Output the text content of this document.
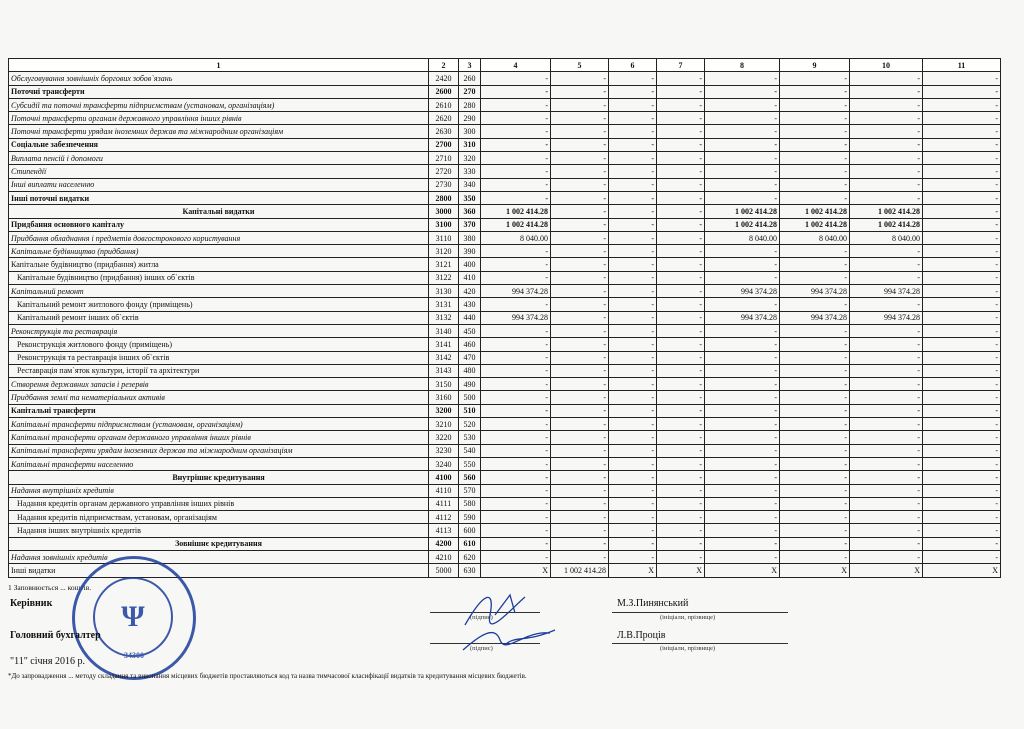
1	2	3	4	5	6	7	8	9	10	11
Обслуговування зовнішніх боргових зобов`язань	2420	260	-	-	-	-	-	-	-	-
Поточні трансферти	2600	270	-	-	-	-	-	-	-	-
Субсидії та поточні трансферти підприємствам (установам, організаціям)	2610	280	-	-	-	-	-	-	-	-
Поточні трансферти органам державного управління інших рівнів	2620	290	-	-	-	-	-	-	-	-
Поточні трансферти урядам іноземних держав та міжнародним організаціям	2630	300	-	-	-	-	-	-	-	-
Соціальне забезпечення	2700	310	-	-	-	-	-	-	-	-
Виплата пенсій і допомоги	2710	320	-	-	-	-	-	-	-	-
Стипендії	2720	330	-	-	-	-	-	-	-	-
Інші виплати населенню	2730	340	-	-	-	-	-	-	-	-
Інші поточні видатки	2800	350	-	-	-	-	-	-	-	-
Капітальні видатки	3000	360	1 002 414.28	-	-	-	1 002 414.28	1 002 414.28	1 002 414.28	-
Придбання основного капіталу	3100	370	1 002 414.28	-	-	-	1 002 414.28	1 002 414.28	1 002 414.28	-
Придбання обладнання і предметів довгострокового користування	3110	380	8 040.00	-	-	-	8 040.00	8 040.00	8 040.00	-
Капітальне будівництво (придбання)	3120	390	-	-	-	-	-	-	-	-
Капітальне будівництво (придбання) житла	3121	400	-	-	-	-	-	-	-	-
Капітальне будівництво (придбання) інших об`єктів	3122	410	-	-	-	-	-	-	-	-
Капітальний ремонт	3130	420	994 374.28	-	-	-	994 374.28	994 374.28	994 374.28	-
Капітальний ремонт житлового фонду (приміщень)	3131	430	-	-	-	-	-	-	-	-
Капітальний ремонт інших об`єктів	3132	440	994 374.28	-	-	-	994 374.28	994 374.28	994 374.28	-
Реконструкція та реставрація	3140	450	-	-	-	-	-	-	-	-
Реконструкція житлового фонду (приміщень)	3141	460	-	-	-	-	-	-	-	-
Реконструкція та реставрація інших об`єктів	3142	470	-	-	-	-	-	-	-	-
Реставрація пам`яток культури, історії та архітектури	3143	480	-	-	-	-	-	-	-	-
Створення державних запасів і резервів	3150	490	-	-	-	-	-	-	-	-
Придбання землі та нематеріальних активів	3160	500	-	-	-	-	-	-	-	-
Капітальні трансферти	3200	510	-	-	-	-	-	-	-	-
Капітальні трансферти підприємствам (установам, організаціям)	3210	520	-	-	-	-	-	-	-	-
Капітальні трансферти органам державного управління інших рівнів	3220	530	-	-	-	-	-	-	-	-
Капітальні трансферти урядам іноземних держав та міжнародним організаціям	3230	540	-	-	-	-	-	-	-	-
Капітальні трансферти населенню	3240	550	-	-	-	-	-	-	-	-
Внутрішнє кредитування	4100	560	-	-	-	-	-	-	-	-
Надання внутрішніх кредитів	4110	570	-	-	-	-	-	-	-	-
Надання кредитів органам державного управління інших рівнів	4111	580	-	-	-	-	-	-	-	-
Надання кредитів підприємствам, установам, організаціям	4112	590	-	-	-	-	-	-	-	-
Надання інших внутрішніх кредитів	4113	600	-	-	-	-	-	-	-	-
Зовнішнє кредитування	4200	610	-	-	-	-	-	-	-	-
Надання зовнішніх кредитів	4210	620	-	-	-	-	-	-	-	-
Інші видатки	5000	630	X	1 002 414.28	X	X	X	X	X	X
1 Заповнюється ... коштів.
Ψ
34300
Керівник
(підпис)
М.З.Пинянський
(ініціали, прізвище)
Головний бухгалтер
(підпис)
Л.В.Проців
(ініціали, прізвище)
"11" січня 2016 р.
*До запровадження ... методу складання та виконання місцевих бюджетів проставляються код та назва тимчасової класифікації видатків та кредитування місцевих бюджетів.
